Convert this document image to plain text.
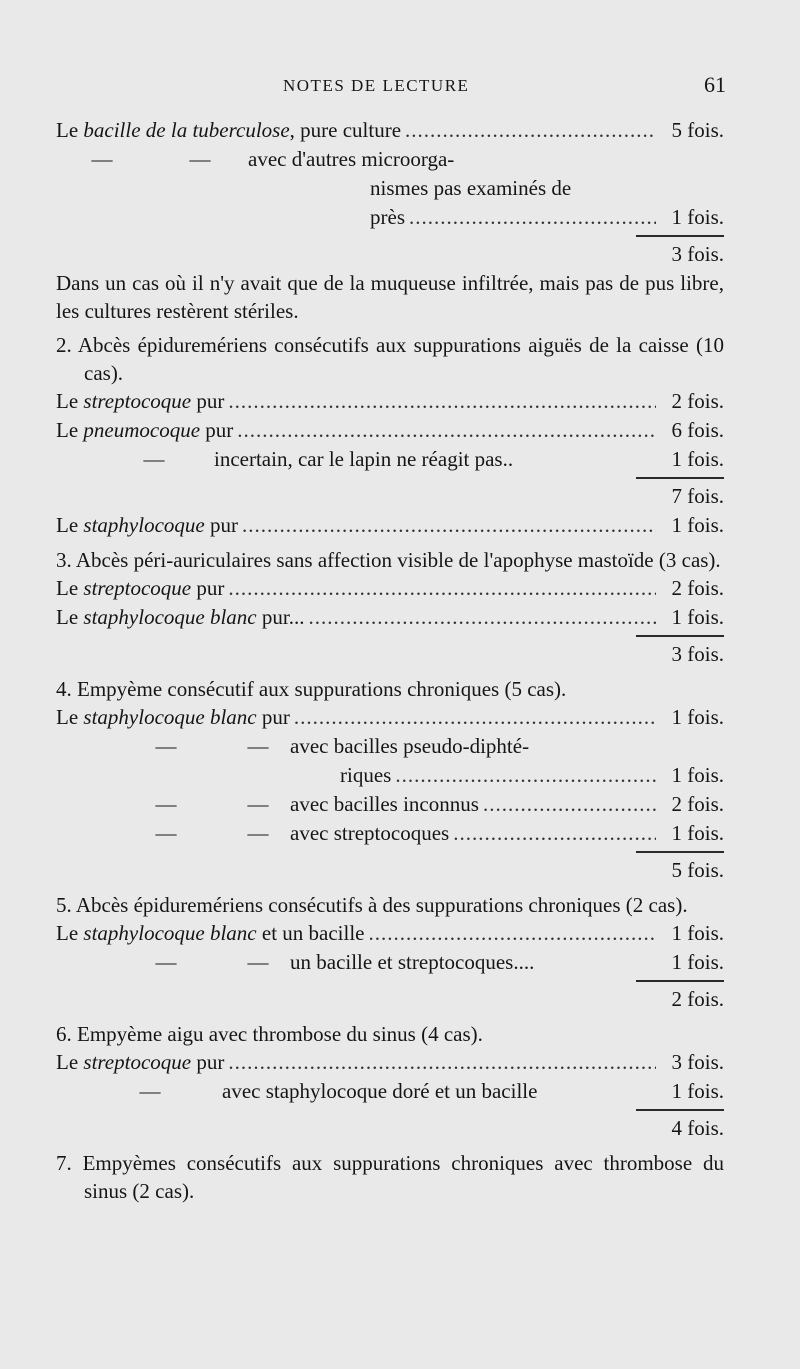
NOTES DE LECTURE	61
Le bacille de la tuberculose, pure culture .....	5 fois.
—	— avec d'autres microorga-
nismes pas examinés de
près .....	1 fois.
3 fois.

Dans un cas où il n'y avait que de la muqueuse infiltrée, mais pas de pus libre, les cultures restèrent stériles.

2. Abcès épiduremériens consécutifs aux suppurations aiguës de la caisse (10 cas).
Le streptocoque pur .....	2 fois.
Le pneumocoque pur .....	6 fois.
— incertain, car le lapin ne réagit pas..	1 fois.
7 fois.
Le staphylocoque pur .....	1 fois.
3. Abcès péri-auriculaires sans affection visible de l'apophyse mastoïde (3 cas).
Le streptocoque pur .....	2 fois.
Le staphylocoque blanc pur... .....	1 fois.
3 fois.
4. Empyème consécutif aux suppurations chroniques (5 cas).
Le staphylocoque blanc pur .....	1 fois.
—	— avec bacilles pseudo-diphté-
riques .....	1 fois.
—	— avec bacilles inconnus .....	2 fois.
—	— avec streptocoques .....	1 fois.
5 fois.
5. Abcès épiduremériens consécutifs à des suppurations chroniques (2 cas).
Le staphylocoque blanc et un bacille .....	1 fois.
—	— un bacille et streptocoques....	1 fois.
2 fois.
6. Empyème aigu avec thrombose du sinus (4 cas).
Le streptocoque pur .....	3 fois.
—	avec staphylocoque doré et un bacille	1 fois.
4 fois.
7. Empyèmes consécutifs aux suppurations chroniques avec thrombose du sinus (2 cas).
